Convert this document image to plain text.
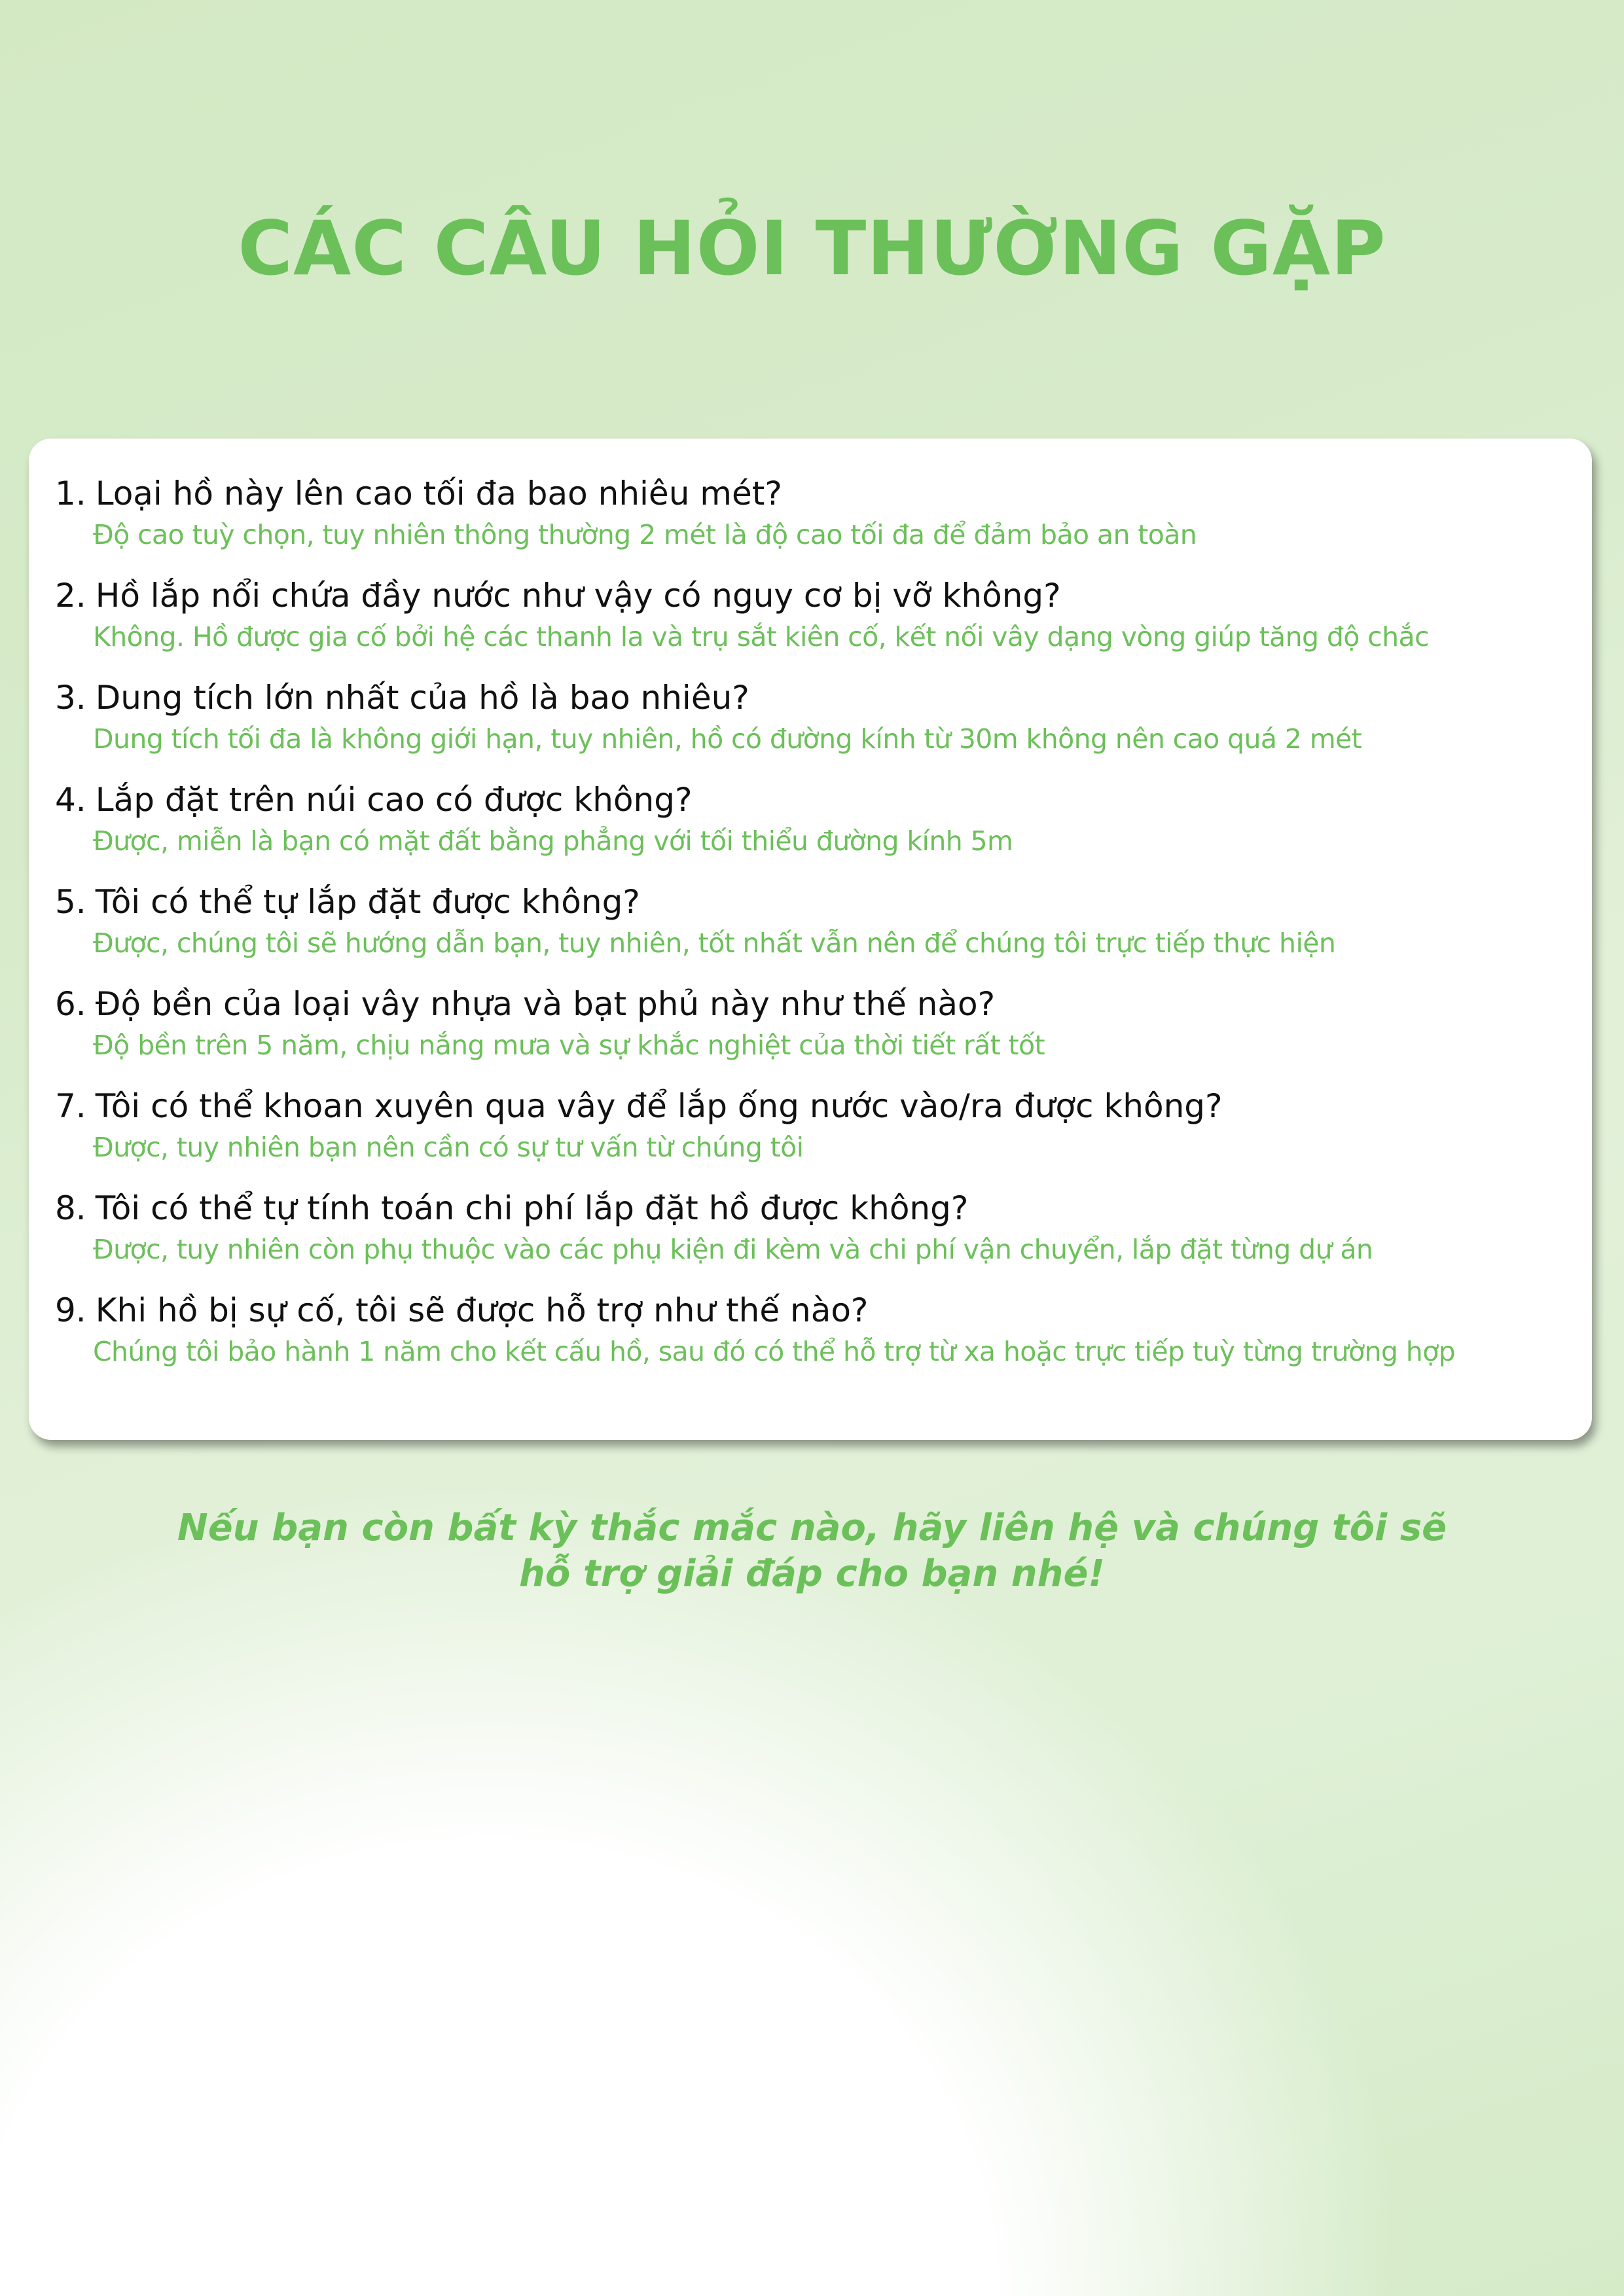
CÁC CÂU HỎI THƯỜNG GẶP
1. Loại hồ này lên cao tối đa bao nhiêu mét?
Độ cao tuỳ chọn, tuy nhiên thông thường 2 mét là độ cao tối đa để đảm bảo an toàn
2. Hồ lắp nổi chứa đầy nước như vậy có nguy cơ bị vỡ không?
Không. Hồ được gia cố bởi hệ các thanh la và trụ sắt kiên cố, kết nối vây dạng vòng giúp tăng độ chắc
3. Dung tích lớn nhất của hồ là bao nhiêu?
Dung tích tối đa là không giới hạn, tuy nhiên, hồ có đường kính từ 30m không nên cao quá 2 mét
4. Lắp đặt trên núi cao có được không?
Được, miễn là bạn có mặt đất bằng phẳng với tối thiểu đường kính 5m
5. Tôi có thể tự lắp đặt được không?
Được, chúng tôi sẽ hướng dẫn bạn, tuy nhiên, tốt nhất vẫn nên để chúng tôi trực tiếp thực hiện
6. Độ bền của loại vây nhựa và bạt phủ này như thế nào?
Độ bền trên 5 năm, chịu nắng mưa và sự khắc nghiệt của thời tiết rất tốt
7. Tôi có thể khoan xuyên qua vây để lắp ống nước vào/ra được không?
Được, tuy nhiên bạn nên cần có sự tư vấn từ chúng tôi
8. Tôi có thể tự tính toán chi phí lắp đặt hồ được không?
Được, tuy nhiên còn phụ thuộc vào các phụ kiện đi kèm và chi phí vận chuyển, lắp đặt từng dự án
9. Khi hồ bị sự cố, tôi sẽ được hỗ trợ như thế nào?
Chúng tôi bảo hành 1 năm cho kết cấu hồ, sau đó có thể hỗ trợ từ xa hoặc trực tiếp tuỳ từng trường hợp
Nếu bạn còn bất kỳ thắc mắc nào, hãy liên hệ và chúng tôi sẽ
hỗ trợ giải đáp cho bạn nhé!
